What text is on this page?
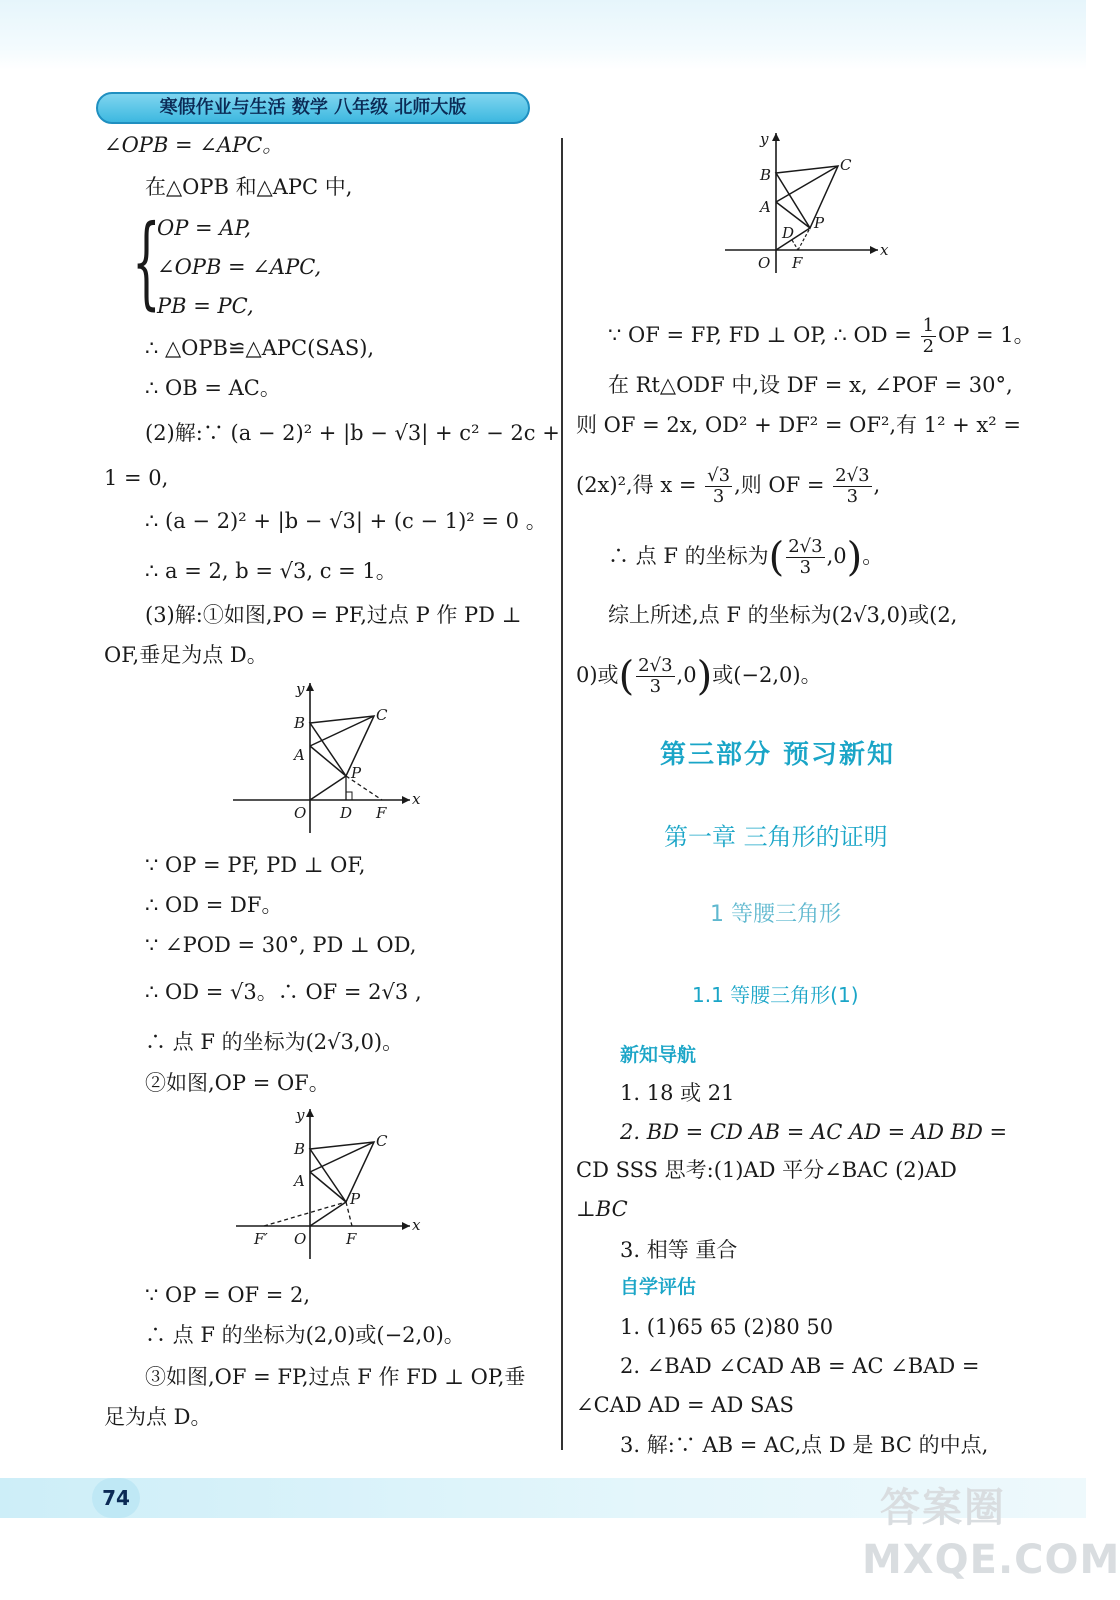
寒假作业与生活 数学 八年级 北师大版
∠OPB = ∠APC。
在△OPB 和△APC 中,
{
OP = AP,
∠OPB = ∠APC,
PB = PC,
∴ △OPB≌△APC(SAS),
∴ OB = AC。
(2)解:∵ (a − 2)² + |b − √3| + c² − 2c +
1 = 0,
∴ (a − 2)² + |b − √3| + (c − 1)² = 0 。
∴ a = 2, b = √3, c = 1。
(3)解:①如图,PO = PF,过点 P 作 PD ⊥
OF,垂足为点 D。
y
x
B	C
A
P
O D F
∵ OP = PF, PD ⊥ OF,
∴ OD = DF。
∵ ∠POD = 30°, PD ⊥ OD,
∴ OD = √3。∴ OF = 2√3 ,
∴ 点 F 的坐标为(2√3,0)。
②如图,OP = OF。
y
x
B	C
A
P
O
F′	F
∵ OP = OF = 2,
∴ 点 F 的坐标为(2,0)或(−2,0)。
③如图,OF = FP,过点 F 作 FD ⊥ OP,垂
足为点 D。
y
x
B
C
A
P
D
O F
∵ OF = FP, FD ⊥ OP, ∴ OD = $\frac{1}{2}$ OP = 1。
在 Rt△ODF 中,设 DF = x, ∠POF = 30°,
则 OF = 2x, OD² + DF² = OF²,有 1² + x² =
(2x)²,得 $x = \frac{√3}{3}$ ,则 OF = $\frac{2√3}{3}$ ,
∴ 点 F 的坐标为( $\frac{2√3}{3} ,0$)。
综上所述,点 F 的坐标为(2√3,0)或(2,
0)或( $\frac{2√3}{3} ,0$)或(−2,0)。
第三部分 预习新知
第一章 三角形的证明
1 等腰三角形
1.1 等腰三角形(1)
新知导航
1. 18 或 21
2. BD = CD AB = AC AD = AD BD =
CD SSS 思考:(1)AD 平分∠BAC (2)AD
⊥BC
3. 相等 重合
自学评估
1. (1)65 65 (2)80 50
2. ∠BAD ∠CAD AB = AC ∠BAD =
∠CAD AD = AD SAS
3. 解:∵ AB = AC,点 D 是 BC 的中点,
74	答案圈
MXQE.COM
